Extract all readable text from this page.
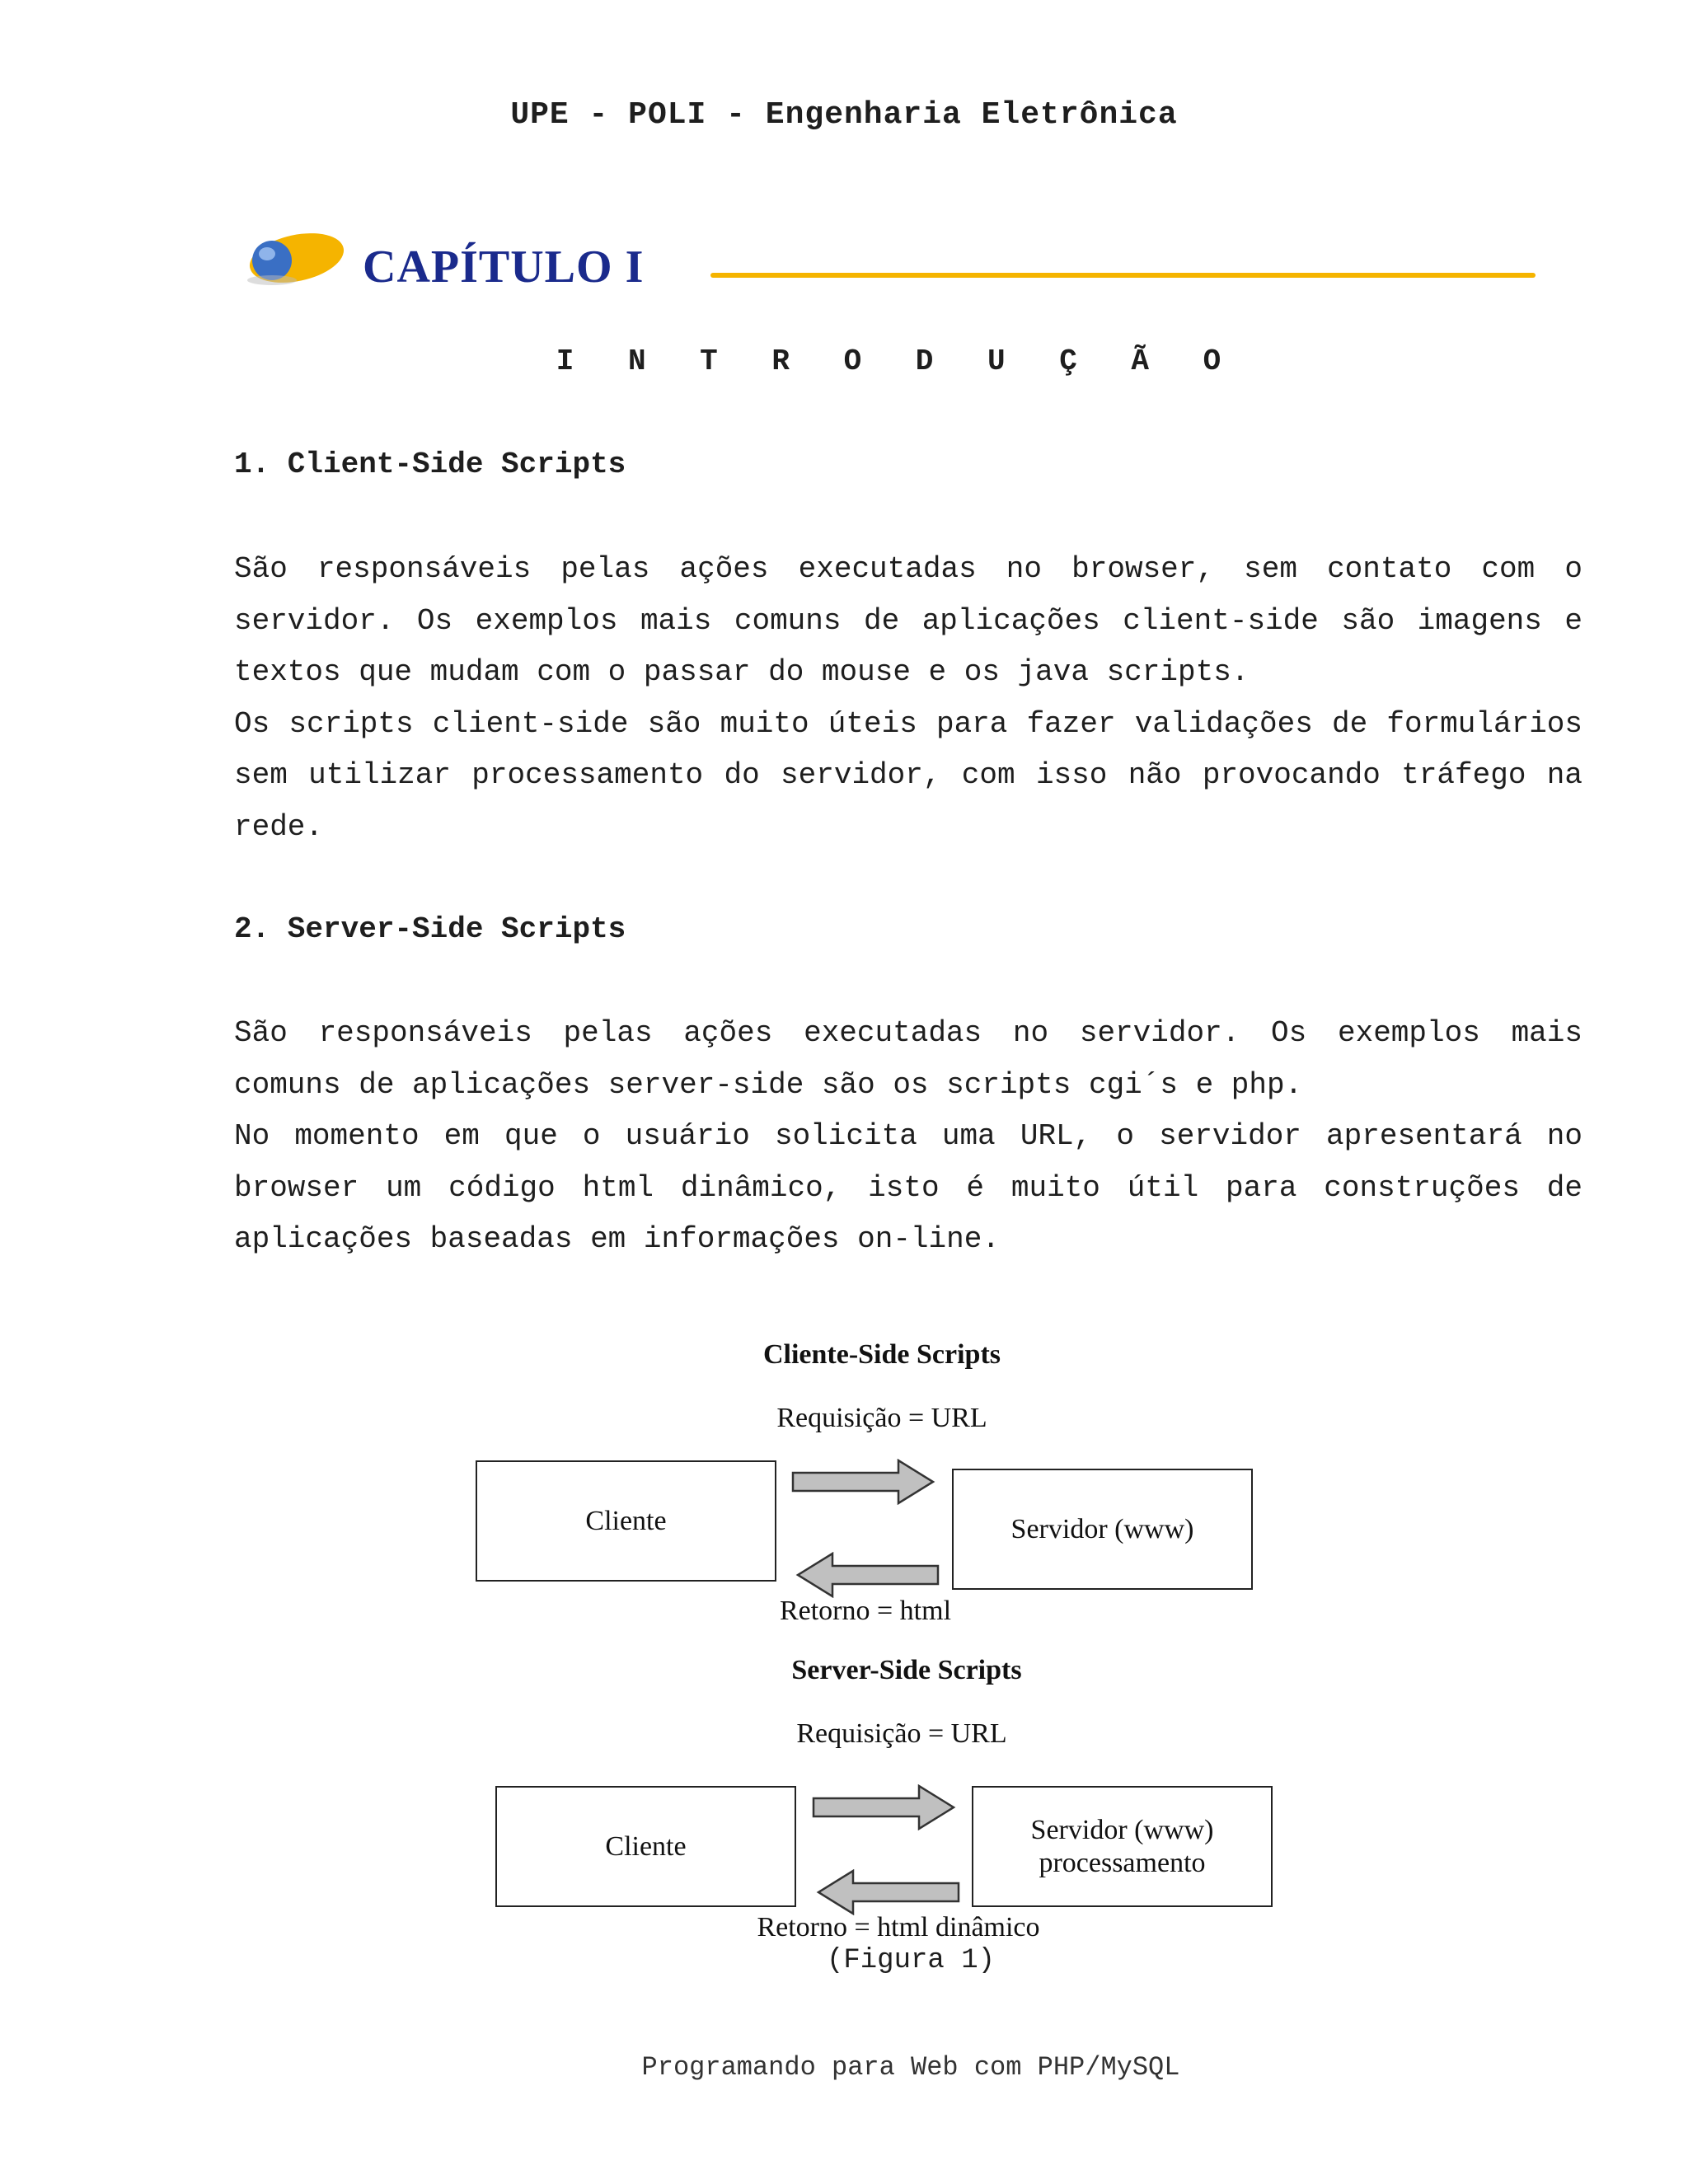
UPE - POLI - Engenharia Eletrônica
CAPÍTULO I
I N T R O D U Ç Ã O
1. Client-Side Scripts

São responsáveis pelas ações executadas no browser, sem contato com o servidor. Os exemplos mais comuns de aplicações client-side são imagens e textos que mudam com o passar do mouse e os java scripts.

Os scripts client-side são muito úteis para fazer validações de formulários sem utilizar processamento do servidor, com isso não provocando tráfego na rede.

2. Server-Side Scripts

São responsáveis pelas ações executadas no servidor. Os exemplos mais comuns de aplicações server-side são os scripts cgi´s e php.

No momento em que o usuário solicita uma URL, o servidor apresentará no browser um código html dinâmico, isto é muito útil para construções de aplicações baseadas em informações on-line.

Cliente-Side Scripts
Requisição = URL
Cliente	Servidor (www)
Retorno = html
Server-Side Scripts
Requisição = URL
Cliente
Servidor (www)
processamento
Retorno = html dinâmico
(Figura 1)
Programando para Web com PHP/MySQL
